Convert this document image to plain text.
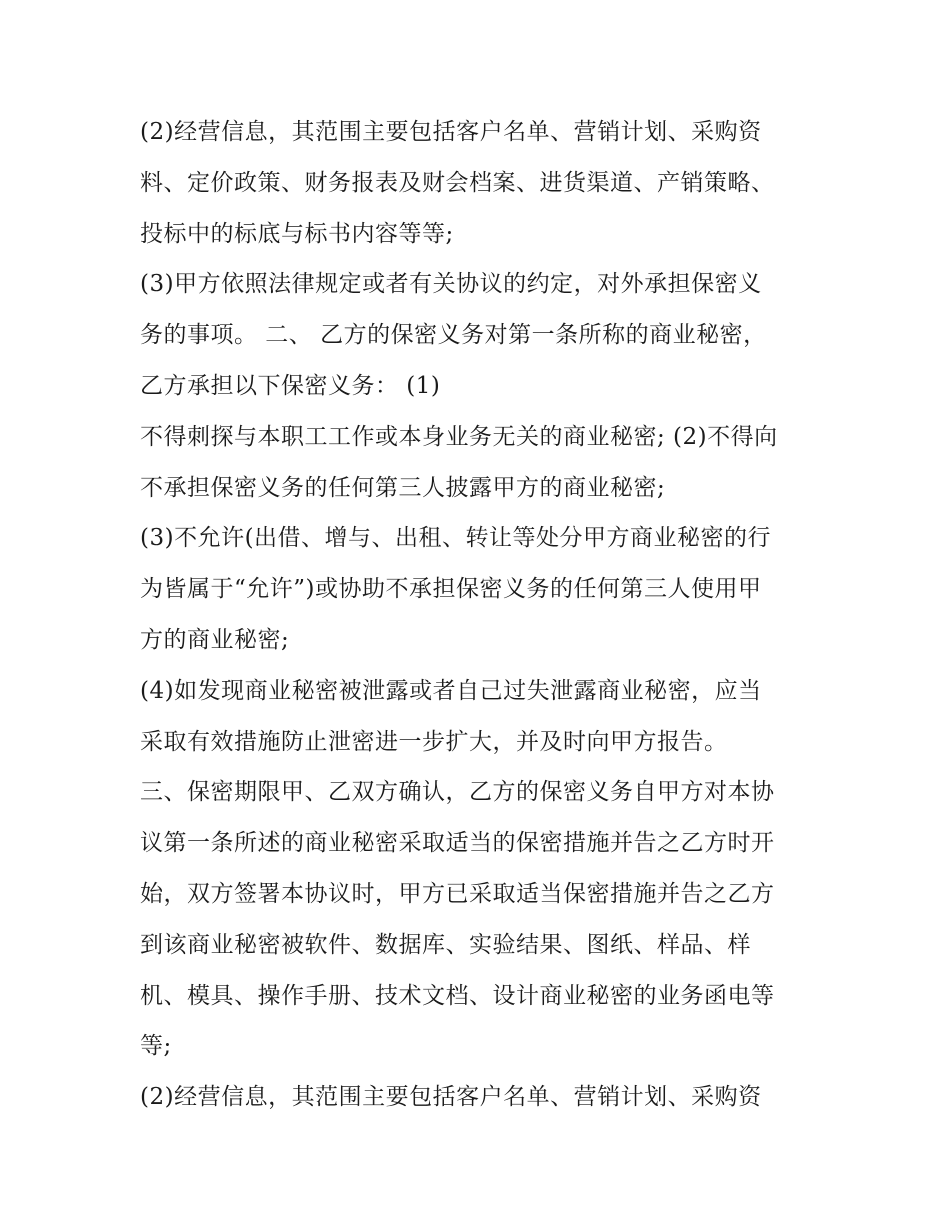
(2)经营信息，其范围主要包括客户名单、营销计划、采购资
料、定价政策、财务报表及财会档案、进货渠道、产销策略、
投标中的标底与标书内容等等;
(3)甲方依照法律规定或者有关协议的约定，对外承担保密义
务的事项。 二、 乙方的保密义务对第一条所称的商业秘密，
乙方承担以下保密义务： (1)
不得刺探与本职工工作或本身业务无关的商业秘密; (2)不得向
不承担保密义务的任何第三人披露甲方的商业秘密;
(3)不允许(出借、增与、出租、转让等处分甲方商业秘密的行
为皆属于“允许”)或协助不承担保密义务的任何第三人使用甲
方的商业秘密;
(4)如发现商业秘密被泄露或者自己过失泄露商业秘密，应当
采取有效措施防止泄密进一步扩大，并及时向甲方报告。
三、保密期限甲、乙双方确认，乙方的保密义务自甲方对本协
议第一条所述的商业秘密采取适当的保密措施并告之乙方时开
始，双方签署本协议时，甲方已采取适当保密措施并告之乙方
到该商业秘密被软件、数据库、实验结果、图纸、样品、样
机、模具、操作手册、技术文档、设计商业秘密的业务函电等
等;
(2)经营信息，其范围主要包括客户名单、营销计划、采购资
